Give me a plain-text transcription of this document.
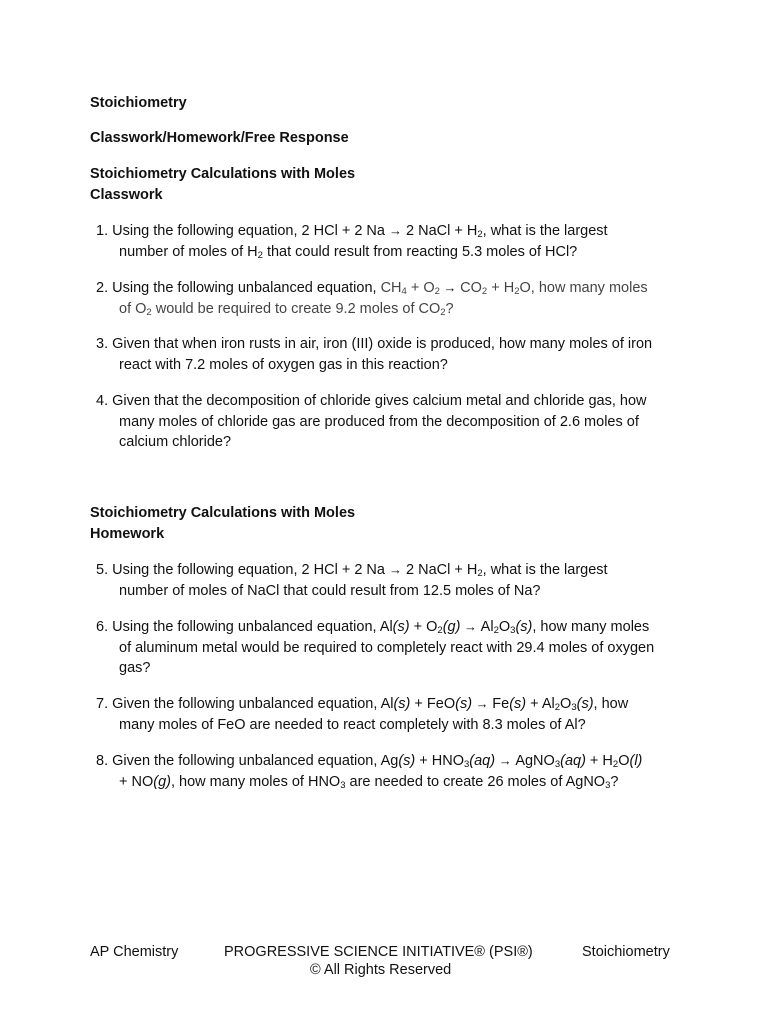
Stoichiometry
Classwork/Homework/Free Response
Stoichiometry Calculations with Moles
Classwork
1. Using the following equation, 2 HCl + 2 Na → 2 NaCl + $H_2$, what is the largest
number of moles of $H_2$ that could result from reacting 5.3 moles of HCl?
2. Using the following unbalanced equation, $CH_4 + O_2 \to CO_2 + H_2O$, how many moles
of $O_2$ would be required to create 9.2 moles of $CO_2$?
3. Given that when iron rusts in air, iron (III) oxide is produced, how many moles of iron
react with 7.2 moles of oxygen gas in this reaction?
4. Given that the decomposition of chloride gives calcium metal and chloride gas, how
many moles of chloride gas are produced from the decomposition of 2.6 moles of
calcium chloride?
Stoichiometry Calculations with Moles
Homework
5. Using the following equation, 2 HCl + 2 Na → 2 NaCl + $H_2$, what is the largest
number of moles of NaCl that could result from 12.5 moles of Na?
6. Using the following unbalanced equation, $Al(s) + O_2(g) \to Al_2O_3(s)$, how many moles
of aluminum metal would be required to completely react with 29.4 moles of oxygen
gas?
7. Given the following unbalanced equation, $Al(s) + FeO(s) \to Fe(s) + Al_2O_3(s)$, how
many moles of FeO are needed to react completely with 8.3 moles of Al?
8. Given the following unbalanced equation, $Ag(s) + HNO_3(aq)$ → AgNO$_3$(aq) + $H_2O(l)$
+ NO(g), how many moles of $HNO_3$ are needed to create 26 moles of AgNO$_3$?
AP Chemistry	PROGRESSIVE SCIENCE INITIATIVE® (PSI®)	Stoichiometry
© All Rights Reserved
